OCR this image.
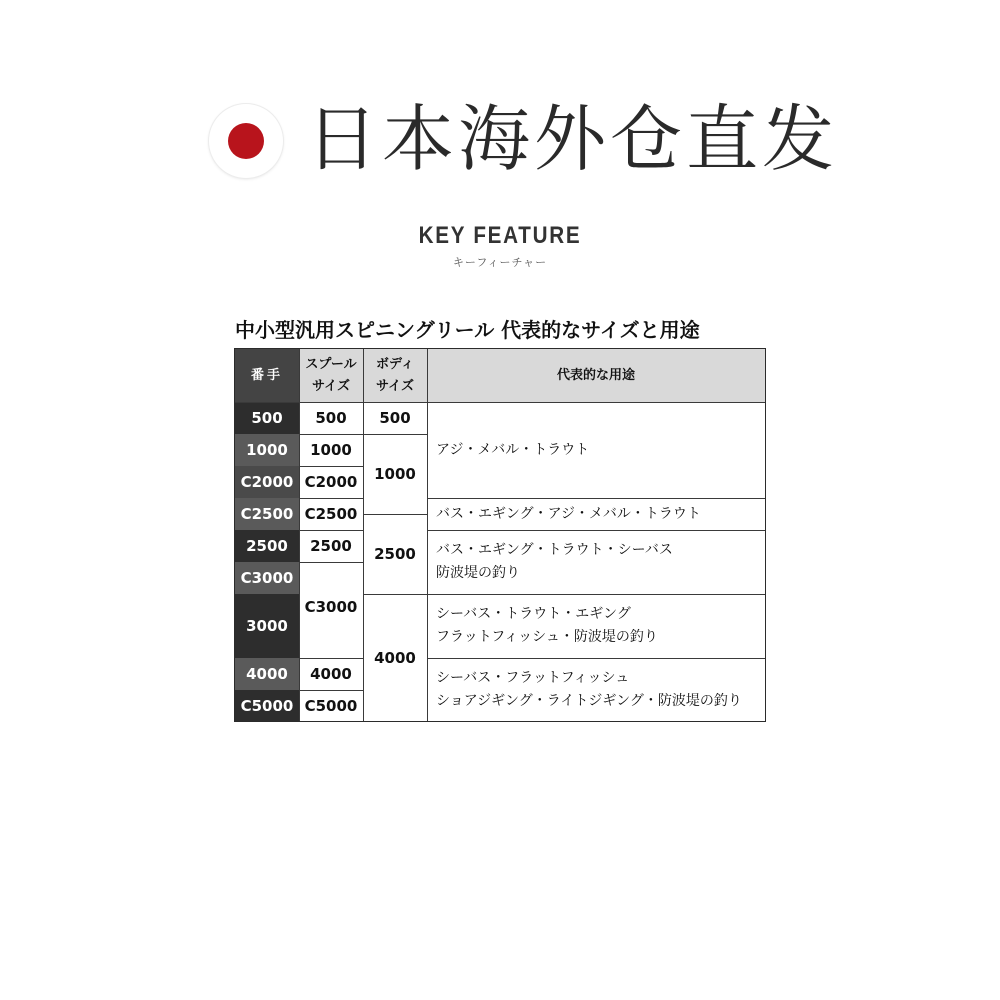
日本海外仓直发
KEY FEATURE
キーフィーチャー
中小型汎用スピニングリール 代表的なサイズと用途
番手
スプール
サイズ
ボディ
サイズ
代表的な用途
500
1000
C2000
C2500
2500
C3000
3000
4000
C5000
500
1000
C2000
C2500
2500
C3000
4000
C5000
500
1000
2500
4000
アジ・メバル・トラウト
バス・エギング・アジ・メバル・トラウト
バス・エギング・トラウト・シーバス
防波堤の釣り
シーバス・トラウト・エギング
フラットフィッシュ・防波堤の釣り
シーバス・フラットフィッシュ
ショアジギング・ライトジギング・防波堤の釣り
